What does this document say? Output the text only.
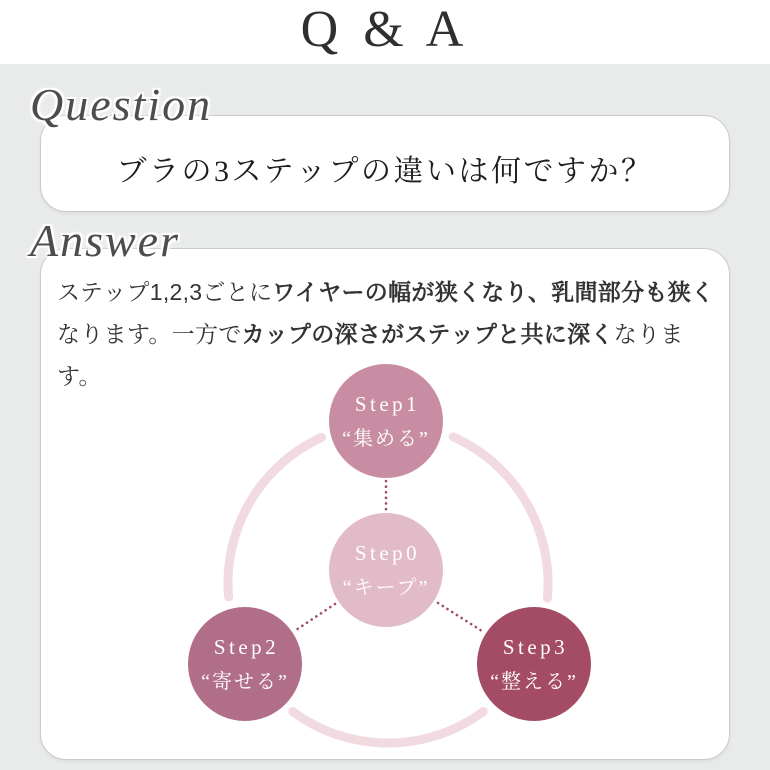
Q & A
Question

ブラの3ステップの違いは何ですか？

Answer

ステップ1,2,3ごとにワイヤーの幅が狭くなり、乳間部分も狭くなります。一方でカップの深さがステップと共に深くなります。

Step1
“集める”
Step0
“キープ”
Step2
“寄せる”
Step3
“整える”
